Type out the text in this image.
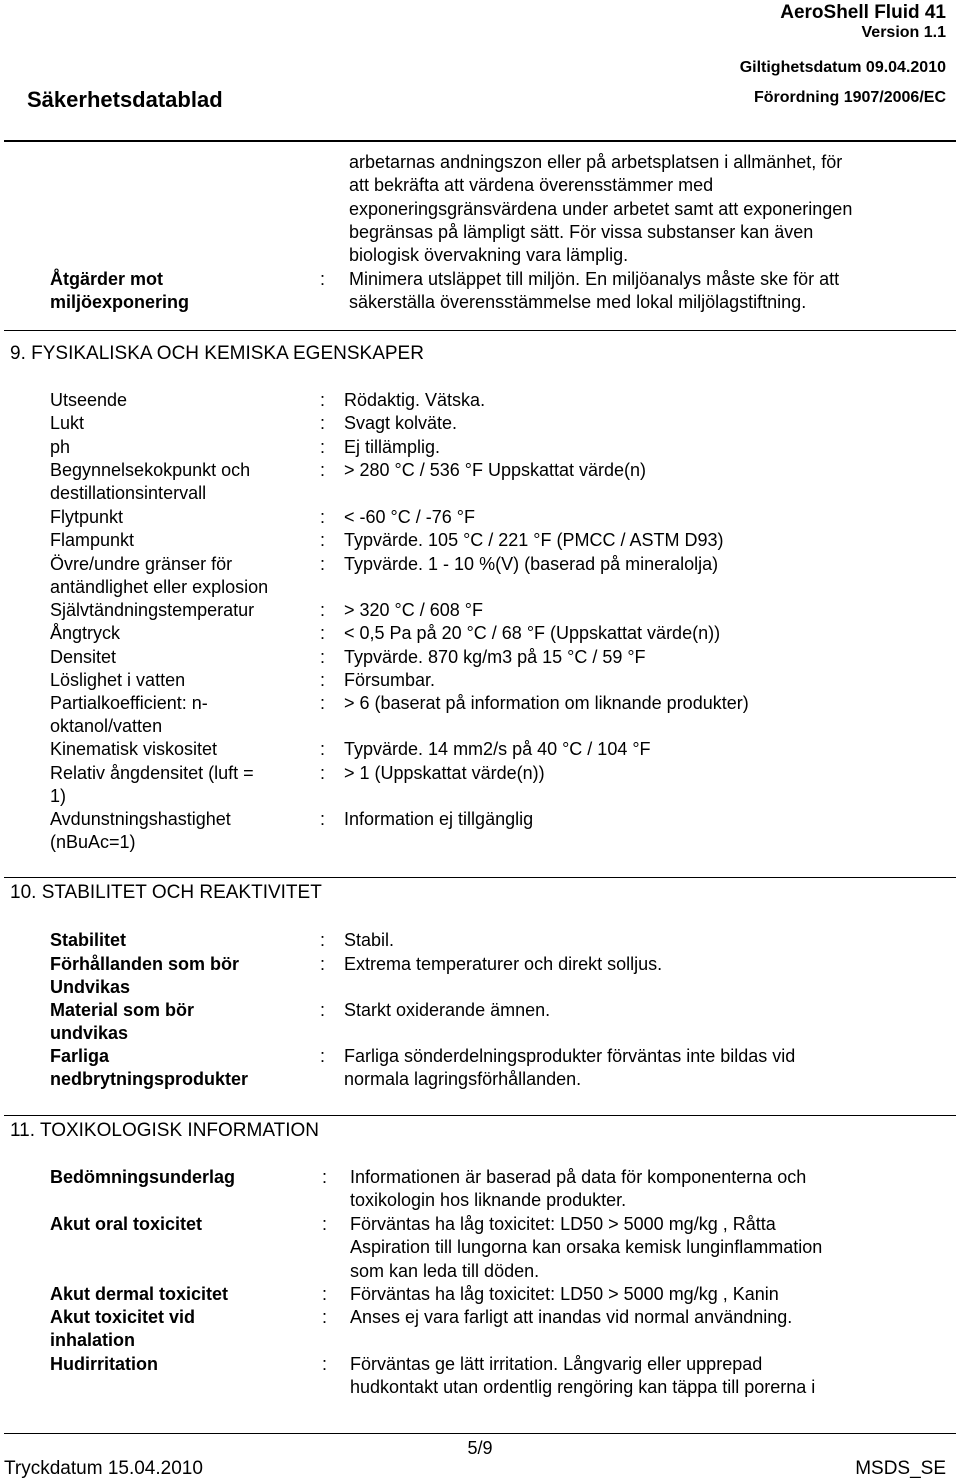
AeroShell Fluid 41
Version 1.1
Giltighetsdatum 09.04.2010
Förordning 1907/2006/EC
Säkerhetsdatablad
arbetarnas andningszon eller på arbetsplatsen i allmänhet, för
att bekräfta att värdena överensstämmer med
exponeringsgränsvärdena under arbetet samt att exponeringen
begränsas på lämpligt sätt. För vissa substanser kan även
biologisk övervakning vara lämplig.
Åtgärder mot
miljöexponering
: Minimera utsläppet till miljön. En miljöanalys måste ske för att
säkerställa överensstämmelse med lokal miljölagstiftning.
9. FYSIKALISKA OCH KEMISKA EGENSKAPER
Utseende	: Rödaktig. Vätska.
Lukt	: Svagt kolväte.
ph	: Ej tillämplig.
Begynnelsekokpunkt och
destillationsintervall
: > 280 °C / 536 °F Uppskattat värde(n)
Flytpunkt	: < -60 °C / -76 °F
Flampunkt	: Typvärde. 105 °C / 221 °F (PMCC / ASTM D93)
Övre/undre gränser för
antändlighet eller explosion
: Typvärde. 1 - 10 %(V) (baserad på mineralolja)
Självtändningstemperatur	: > 320 °C / 608 °F
Ångtryck	: < 0,5 Pa på 20 °C / 68 °F (Uppskattat värde(n))
Densitet	: Typvärde. 870 kg/m3 på 15 °C / 59 °F
Löslighet i vatten	: Försumbar.
Partialkoefficient: n-
oktanol/vatten
: > 6 (baserat på information om liknande produkter)
Kinematisk viskositet	: Typvärde. 14 mm2/s på 40 °C / 104 °F
Relativ ångdensitet (luft =
1)
: > 1 (Uppskattat värde(n))
Avdunstningshastighet
(nBuAc=1)
: Information ej tillgänglig
10. STABILITET OCH REAKTIVITET
Stabilitet	: Stabil.
Förhållanden som bör
Undvikas
: Extrema temperaturer och direkt solljus.
Material som bör
undvikas
: Starkt oxiderande ämnen.
Farliga
nedbrytningsprodukter
: Farliga sönderdelningsprodukter förväntas inte bildas vid
normala lagringsförhållanden.
11. TOXIKOLOGISK INFORMATION
Bedömningsunderlag	: Informationen är baserad på data för komponenterna och
toxikologin hos liknande produkter.
Akut oral toxicitet	: Förväntas ha låg toxicitet: LD50 > 5000 mg/kg , Råtta
Aspiration till lungorna kan orsaka kemisk lunginflammation
som kan leda till döden.
Akut dermal toxicitet	: Förväntas ha låg toxicitet: LD50 > 5000 mg/kg , Kanin
Akut toxicitet vid
inhalation
: Anses ej vara farligt att inandas vid normal användning.
Hudirritation	: Förväntas ge lätt irritation. Långvarig eller upprepad
hudkontakt utan ordentlig rengöring kan täppa till porerna i
5/9
Tryckdatum 15.04.2010	MSDS_SE
